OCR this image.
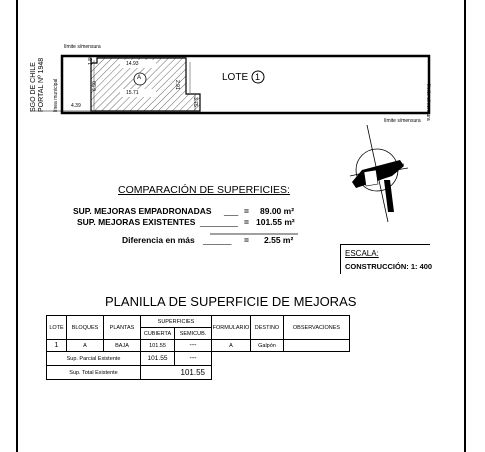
SGO DE CHILE PORTAL Nº 1948 línea municipal
límite s/mensura
límite s/mensura
límite s/mensura
4.39
14.93
15.71
6.50
1.80
2.91
3.75
A	LOTE 1
COMPARACIÓN DE SUPERFICIES:
SUP. MEJORAS EMPADRONADAS ___ = 89.00 m²
SUP. MEJORAS EXISTENTES ________ = 101.55 m²
Diferencia en más ______ = 2.55 m²
ESCALA:
CONSTRUCCIÓN: 1: 400
PLANILLA DE SUPERFICIE DE MEJORAS
LOTE	BLOQUES	PLANTAS	SUPERFICIES		FORMULARIO	DESTINO	OBSERVACIONES
			CUBIERTA	SEMICUB.			
1	A	BAJA	101.55	---	A	Galpón	
Sup. Parcial Existente			101.55	---			
Sup. Total Existente			101.55				
